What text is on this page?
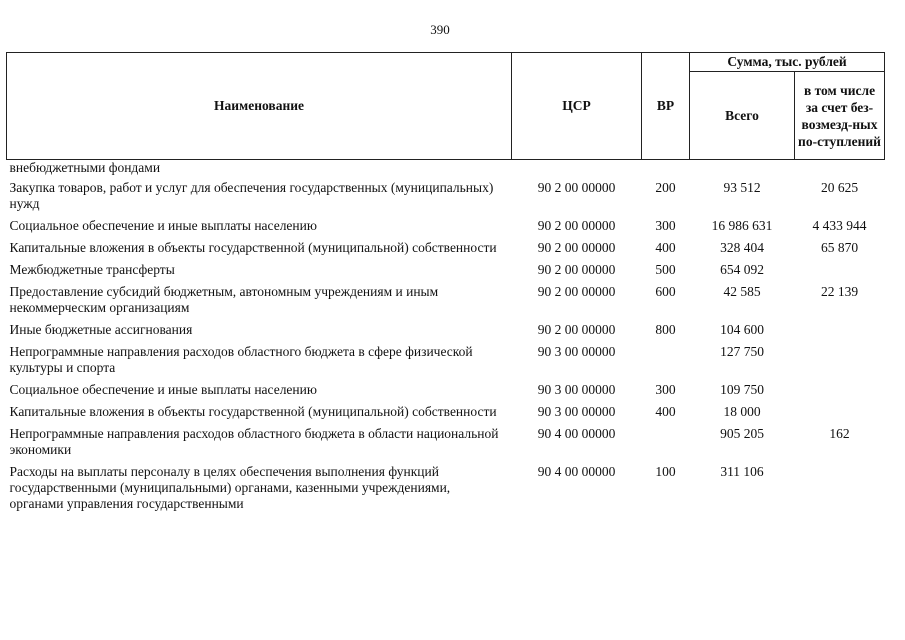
390
Наименование	ЦСР	ВР	Сумма, тыс. рублей	
			Всего	в том числе за счет без-возмезд-ных по-ступлений
внебюджетными фондами				
Закупка товаров, работ и услуг для обеспечения государственных (муниципальных) нужд	90 2 00 00000	200	93 512	20 625
Социальное обеспечение и иные выплаты населению	90 2 00 00000	300	16 986 631	4 433 944
Капитальные вложения в объекты государственной (муниципальной) собственности	90 2 00 00000	400	328 404	65 870
Межбюджетные трансферты	90 2 00 00000	500	654 092	
Предоставление субсидий бюджетным, автономным учреждениям и иным некоммерческим организациям	90 2 00 00000	600	42 585	22 139
Иные бюджетные ассигнования	90 2 00 00000	800	104 600	
Непрограммные направления расходов областного бюджета в сфере физической культуры и спорта	90 3 00 00000		127 750	
Социальное обеспечение и иные выплаты населению	90 3 00 00000	300	109 750	
Капитальные вложения в объекты государственной (муниципальной) собственности	90 3 00 00000	400	18 000	
Непрограммные направления расходов областного бюджета в области национальной экономики	90 4 00 00000		905 205	162
Расходы на выплаты персоналу в целях обеспечения выполнения функций государственными (муниципальными) органами, казенными учреждениями, органами управления государственными	90 4 00 00000	100	311 106	
